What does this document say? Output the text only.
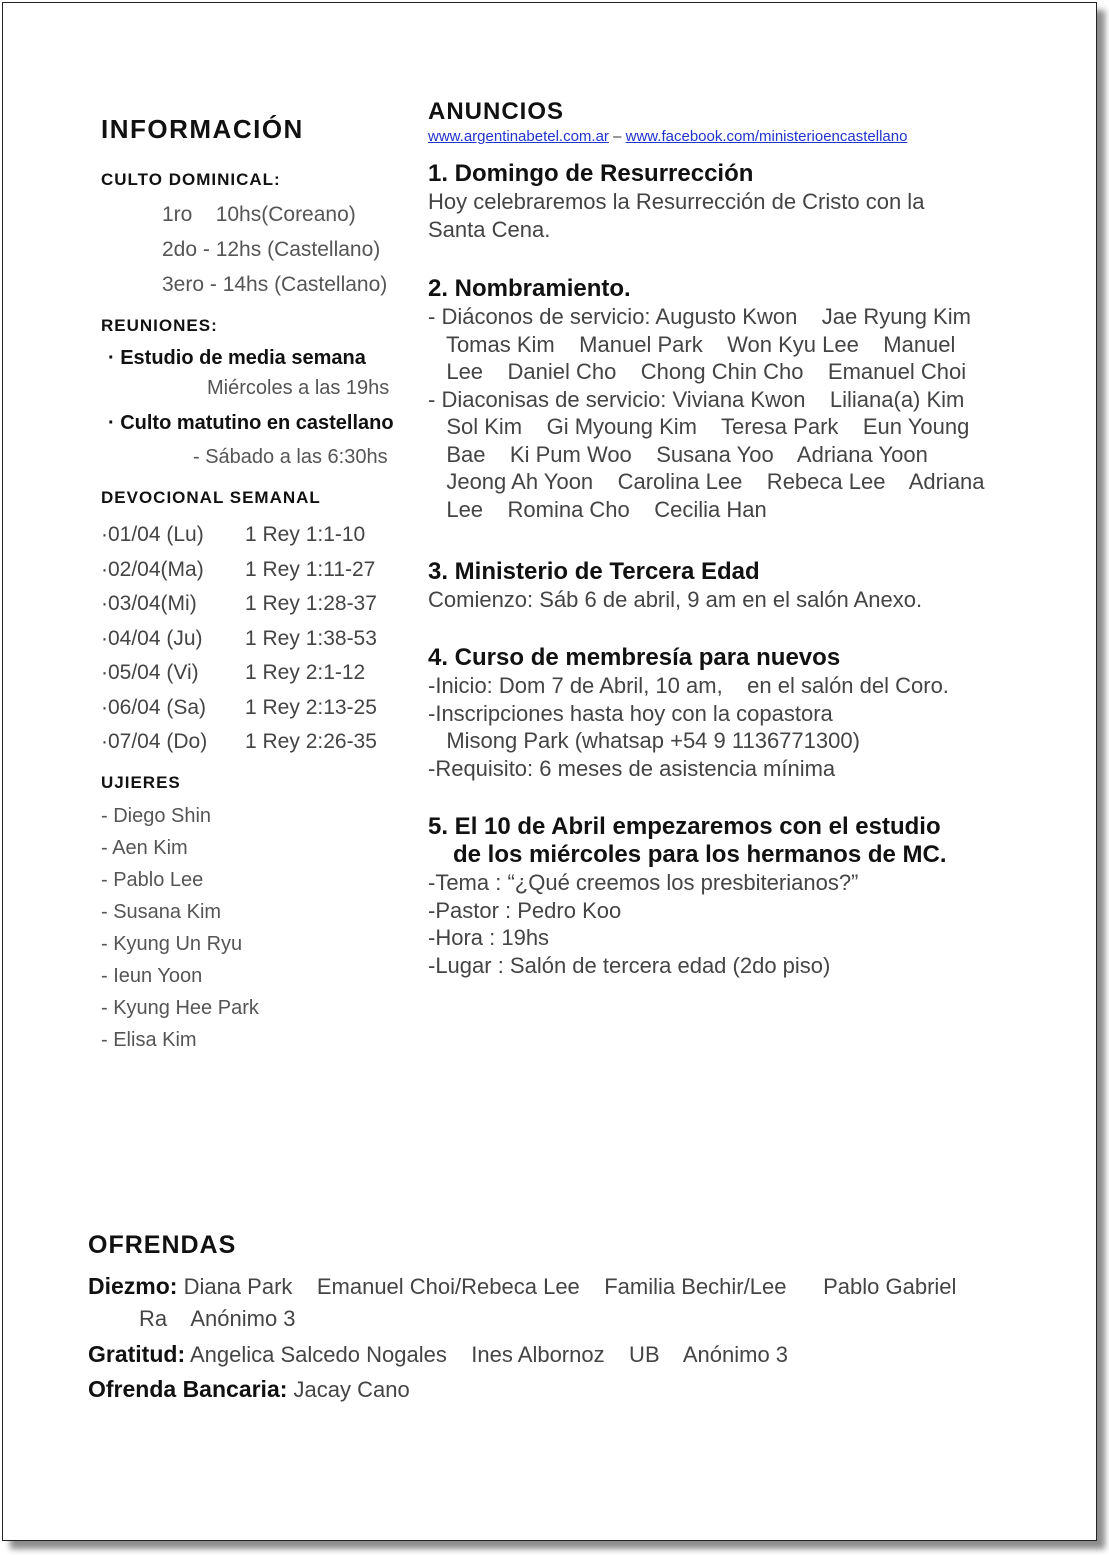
INFORMACIÓN
CULTO DOMINICAL:
1ro    10hs(Coreano)
2do - 12hs (Castellano)
3ero - 14hs (Castellano)
REUNIONES:
· Estudio de media semana
Miércoles a las 19hs
· Culto matutino en castellano
- Sábado a las 6:30hs
DEVOCIONAL SEMANAL
·01/04 (Lu)	1 Rey 1:1-10
·02/04(Ma)	1 Rey 1:11-27
·03/04(Mi)	1 Rey 1:28-37
·04/04 (Ju)	1 Rey 1:38-53
·05/04 (Vi)	1 Rey 2:1-12
·06/04 (Sa)	1 Rey 2:13-25
·07/04 (Do)	1 Rey 2:26-35
UJIERES
- Diego Shin
- Aen Kim
- Pablo Lee
- Susana Kim
- Kyung Un Ryu
- Ieun Yoon
- Kyung Hee Park
- Elisa Kim
ANUNCIOS
www.argentinabetel.com.ar – www.facebook.com/ministerioencastellano
1. Domingo de Resurrección
Hoy celebraremos la Resurrección de Cristo con la
Santa Cena.
2. Nombramiento.
- Diáconos de servicio: Augusto Kwon    Jae Ryung Kim
Tomas Kim    Manuel Park    Won Kyu Lee    Manuel
Lee    Daniel Cho    Chong Chin Cho    Emanuel Choi
- Diaconisas de servicio: Viviana Kwon    Liliana(a) Kim
Sol Kim    Gi Myoung Kim    Teresa Park    Eun Young
Bae    Ki Pum Woo    Susana Yoo    Adriana Yoon
Jeong Ah Yoon    Carolina Lee    Rebeca Lee    Adriana
Lee    Romina Cho    Cecilia Han
3. Ministerio de Tercera Edad
Comienzo: Sáb 6 de abril, 9 am en el salón Anexo.
4. Curso de membresía para nuevos
-Inicio: Dom 7 de Abril, 10 am,    en el salón del Coro.
-Inscripciones hasta hoy con la copastora
Misong Park (whatsap +54 9 1136771300)
-Requisito: 6 meses de asistencia mínima
5. El 10 de Abril empezaremos con el estudio
de los miércoles para los hermanos de MC.
-Tema : “¿Qué creemos los presbiterianos?”
-Pastor : Pedro Koo
-Hora : 19hs
-Lugar : Salón de tercera edad (2do piso)
OFRENDAS
Diezmo: Diana Park    Emanuel Choi/Rebeca Lee    Familia Bechir/Lee      Pablo Gabriel
Ra    Anónimo 3
Gratitud: Angelica Salcedo Nogales    Ines Albornoz    UB    Anónimo 3
Ofrenda Bancaria: Jacay Cano
